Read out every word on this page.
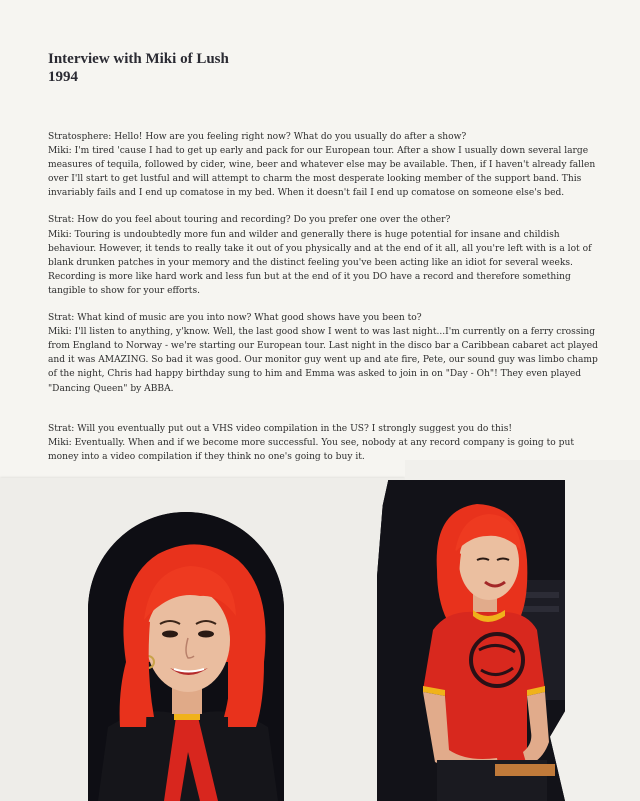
Interview with Miki of Lush
1994

Stratosphere: Hello! How are you feeling right now? What do you usually do after a show?

Miki: I'm tired 'cause I had to get up early and pack for our European tour. After a show I usually down several large measures of tequila, followed by cider, wine, beer and whatever else may be available. Then, if I haven't already fallen over I'll start to get lustful and will attempt to charm the most desperate looking member of the support band. This invariably fails and I end up comatose in my bed. When it doesn't fail I end up comatose on someone else's bed.

Strat: How do you feel about touring and recording? Do you prefer one over the other?

Miki: Touring is undoubtedly more fun and wilder and generally there is huge potential for insane and childish behaviour. However, it tends to really take it out of you physically and at the end of it all, all you're left with is a lot of blank drunken patches in your memory and the distinct feeling you've been acting like an idiot for several weeks. Recording is more like hard work and less fun but at the end of it you DO have a record and therefore something tangible to show for your efforts.

Strat: What kind of music are you into now? What good shows have you been to?

Miki: I'll listen to anything, y'know. Well, the last good show I went to was last night...I'm currently on a ferry crossing from England to Norway - we're starting our European tour. Last night in the disco bar a Caribbean cabaret act played and it was AMAZING. So bad it was good. Our monitor guy went up and ate fire, Pete, our sound guy was limbo champ of the night, Chris had happy birthday sung to him and Emma was asked to join in on "Day - Oh"! They even played "Dancing Queen" by ABBA.

Strat: Will you eventually put out a VHS video compilation in the US? I strongly suggest you do this!

Miki: Eventually. When and if we become more successful. You see, nobody at any record company is going to put money into a video compilation if they think no one's going to buy it.
